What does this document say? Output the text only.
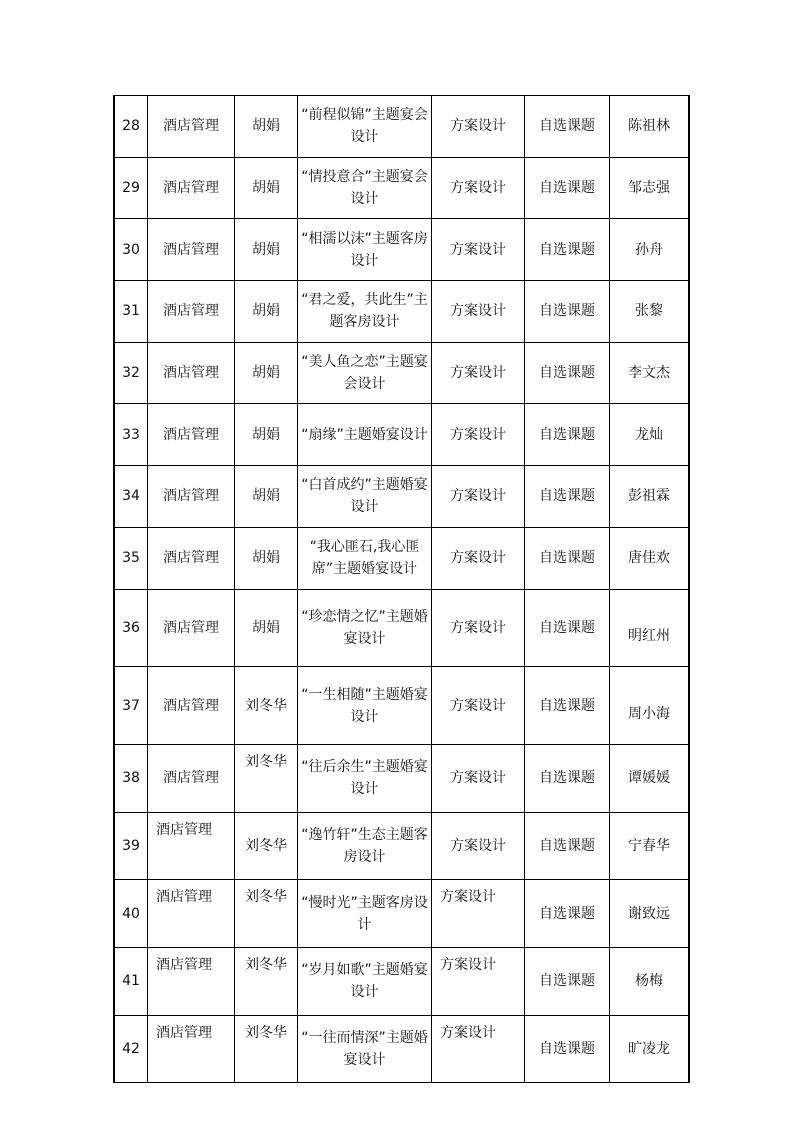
28	酒店管理	胡娟	“前程似锦”主题宴会设计	方案设计	自选课题	陈祖林
29	酒店管理	胡娟	“情投意合”主题宴会设计	方案设计	自选课题	邹志强
30	酒店管理	胡娟	“相濡以沫”主题客房设计	方案设计	自选课题	孙舟
31	酒店管理	胡娟	“君之爱，共此生”主题客房设计	方案设计	自选课题	张黎
32	酒店管理	胡娟	“美人鱼之恋”主题宴会设计	方案设计	自选课题	李文杰
33	酒店管理	胡娟	“扇缘”主题婚宴设计	方案设计	自选课题	龙灿
34	酒店管理	胡娟	“白首成约”主题婚宴设计	方案设计	自选课题	彭祖霖
35	酒店管理	胡娟	“我心匪石,我心匪席”主题婚宴设计	方案设计	自选课题	唐佳欢
36	酒店管理	胡娟	“珍恋情之忆”主题婚宴设计	方案设计	自选课题	明红州
37	酒店管理	刘冬华	“一生相随”主题婚宴设计	方案设计	自选课题	周小海
38	酒店管理	刘冬华	“往后余生”主题婚宴设计	方案设计	自选课题	谭媛媛
39	酒店管理	刘冬华	“逸竹轩”生态主题客房设计	方案设计	自选课题	宁春华
40	酒店管理	刘冬华	“慢时光”主题客房设计	方案设计	自选课题	谢致远
41	酒店管理	刘冬华	“岁月如歌”主题婚宴设计	方案设计	自选课题	杨梅
42	酒店管理	刘冬华	“一往而情深”主题婚宴设计	方案设计	自选课题	旷凌龙
